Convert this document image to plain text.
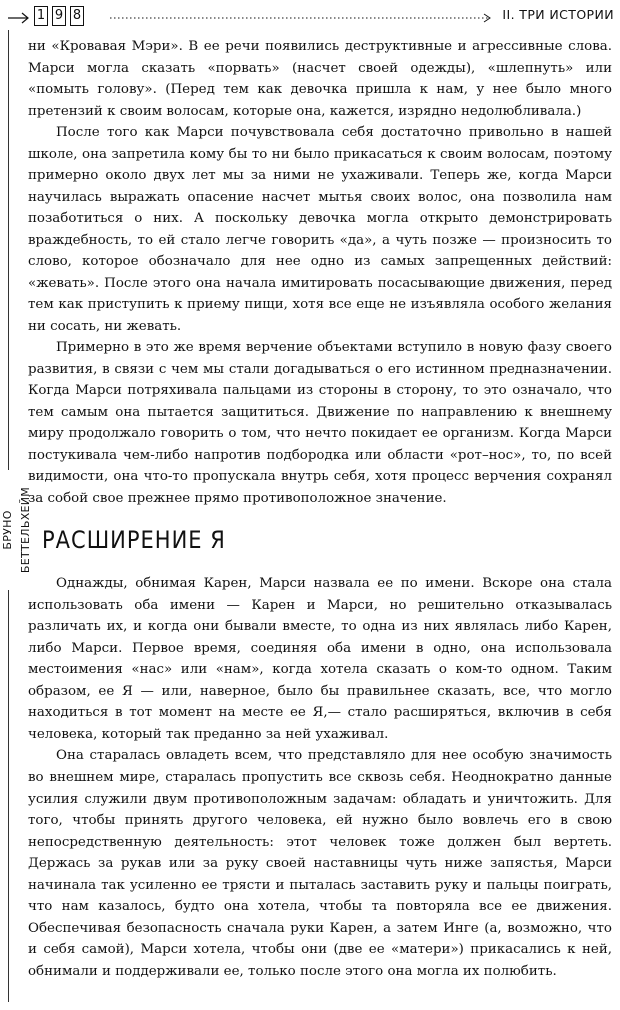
1 9 8	II. ТРИ ИСТОРИИ
БРУНО БЕТТЕЛЬХЕЙМ

ни «Кровавая Мэри». В ее речи появились деструктивные и агрессивные слова. Марси могла сказать «порвать» (насчет своей одежды), «шлепнуть» или «помыть голову». (Перед тем как девочка пришла к нам, у нее было много претензий к своим волосам, которые она, кажется, изрядно недолюбливала.)

После того как Марси почувствовала себя достаточно привольно в нашей школе, она запретила кому бы то ни было прикасаться к своим волосам, поэтому примерно около двух лет мы за ними не ухаживали. Теперь же, когда Марси научилась выражать опасение насчет мытья своих волос, она позволила нам позаботиться о них. А поскольку девочка могла открыто демонстрировать враждебность, то ей стало легче говорить «да», а чуть позже — произносить то слово, которое обозначало для нее одно из самых запрещенных действий: «жевать». После этого она начала имитировать посасывающие движения, перед тем как приступить к приему пищи, хотя все еще не изъявляла особого желания ни сосать, ни жевать.

Примерно в это же время верчение объектами вступило в новую фазу своего развития, в связи с чем мы стали догадываться о его истинном предназначении. Когда Марси потряхивала пальцами из стороны в сторону, то это означало, что тем самым она пытается защититься. Движение по направлению к внешнему миру продолжало говорить о том, что нечто покидает ее организм. Когда Марси постукивала чем-либо напротив подбородка или области «рот–нос», то, по всей видимости, она что-то пропускала внутрь себя, хотя процесс верчения сохранял за собой свое прежнее прямо противоположное значение.

РАСШИРЕНИЕ Я

Однажды, обнимая Карен, Марси назвала ее по имени. Вскоре она стала использовать оба имени — Карен и Марси, но решительно отказывалась различать их, и когда они бывали вместе, то одна из них являлась либо Карен, либо Марси. Первое время, соединяя оба имени в одно, она использовала местоимения «нас» или «нам», когда хотела сказать о ком-то одном. Таким образом, ее Я — или, наверное, было бы правильнее сказать, все, что могло находиться в тот момент на месте ее Я,— стало расширяться, включив в себя человека, который так преданно за ней ухаживал.

Она старалась овладеть всем, что представляло для нее особую значимость во внешнем мире, старалась пропустить все сквозь себя. Неоднократно данные усилия служили двум противоположным задачам: обладать и уничтожить. Для того, чтобы принять другого человека, ей нужно было вовлечь его в свою непосредственную деятельность: этот человек тоже должен был вертеть. Держась за рукав или за руку своей наставницы чуть ниже запястья, Марси начинала так усиленно ее трясти и пыталась заставить руку и пальцы поиграть, что нам казалось, будто она хотела, чтобы та повторяла все ее движения. Обеспечивая безопасность сначала руки Карен, а затем Инге (а, возможно, что и себя самой), Марси хотела, чтобы они (две ее «матери») прикасались к ней, обнимали и поддерживали ее, только после этого она могла их полюбить.
